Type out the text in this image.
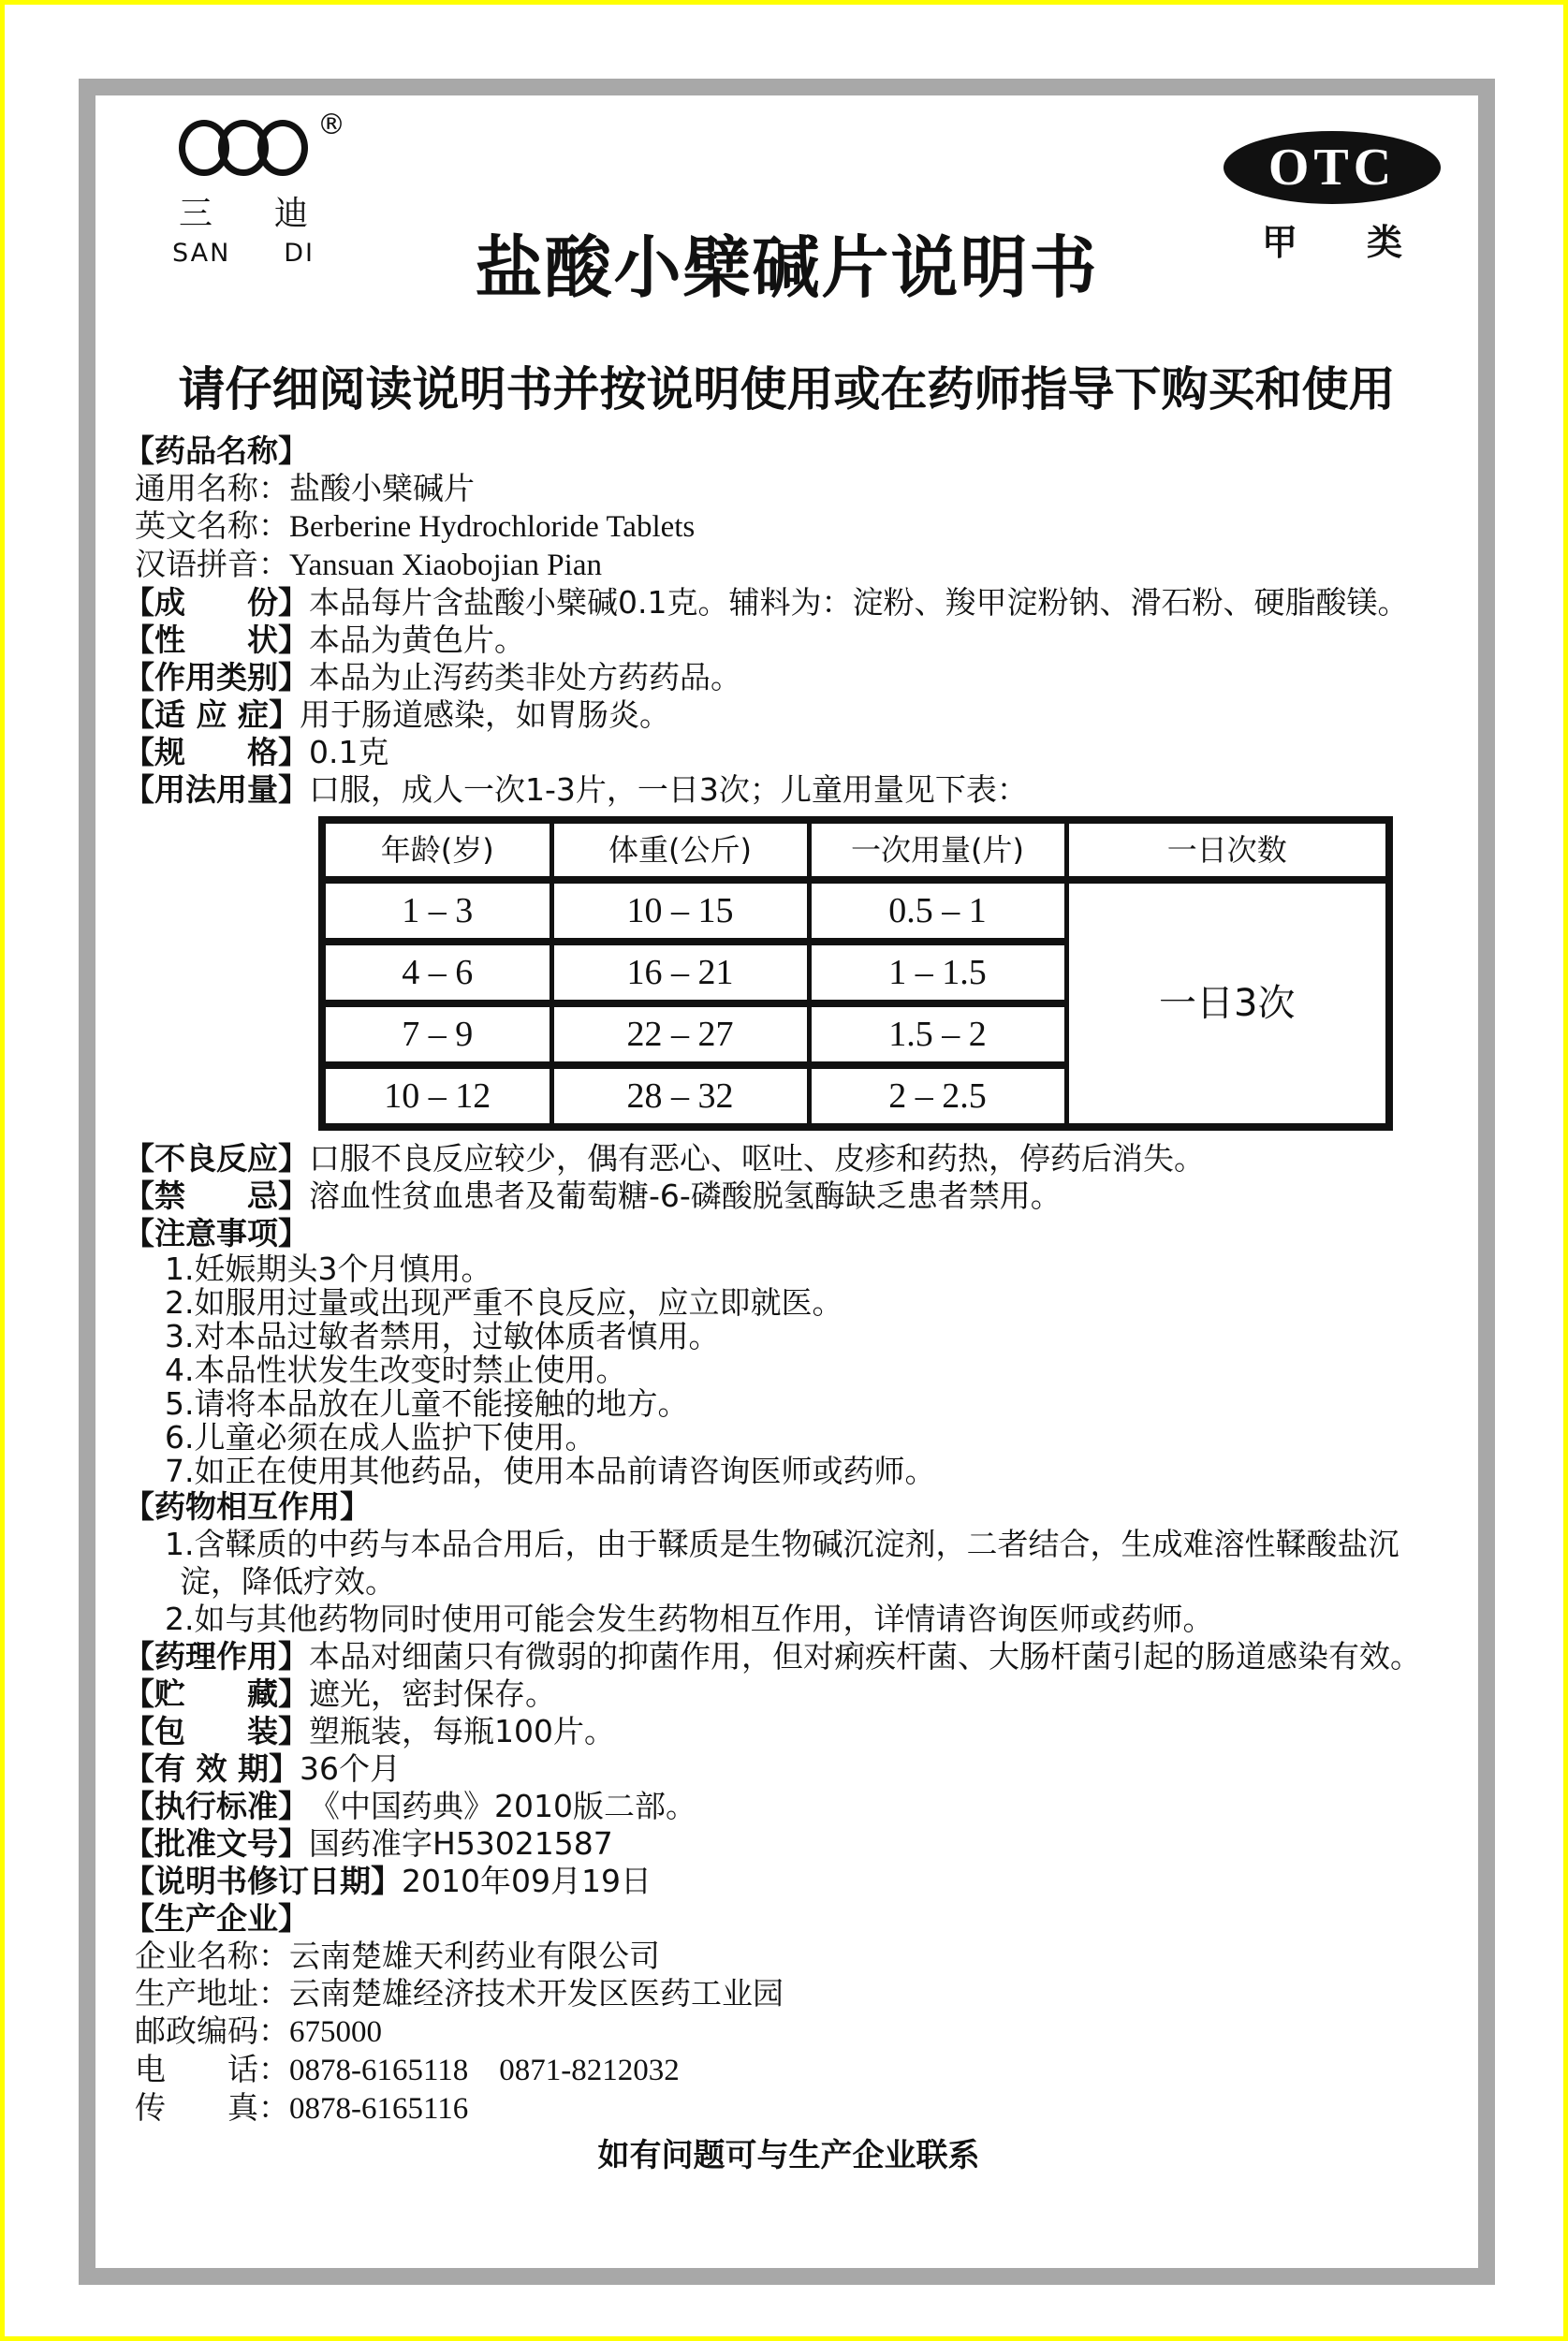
®
三 迪
SAN DI 盐酸小檗碱片说明书
OTC
甲 类
请仔细阅读说明书并按说明使用或在药师指导下购买和使用
【药品名称】
通用名称：盐酸小檗碱片
英文名称：Berberine Hydrochloride Tablets
汉语拼音：Yansuan Xiaobojian Pian
【成　　份】 本品每片含盐酸小檗碱0.1克。辅料为：淀粉、羧甲淀粉钠、滑石粉、硬脂酸镁。
【性　　状】 本品为黄色片。
【作用类别】 本品为止泻药类非处方药药品。
【适 应 症】 用于肠道感染，如胃肠炎。
【规　　格】 0.1克
【用法用量】 口服，成人一次1-3片，一日3次；儿童用量见下表：
年龄(岁)	体重(公斤)	一次用量(片)	一日次数
1 – 3	10 – 15	0.5 – 1	一日3次
4 – 6	16 – 21	1 – 1.5	
7 – 9	22 – 27	1.5 – 2	
10 – 12	28 – 32	2 – 2.5	
【不良反应】 口服不良反应较少，偶有恶心、呕吐、皮疹和药热，停药后消失。
【禁　　忌】 溶血性贫血患者及葡萄糖-6-磷酸脱氢酶缺乏患者禁用。
【注意事项】
1.妊娠期头3个月慎用。
2.如服用过量或出现严重不良反应，应立即就医。
3.对本品过敏者禁用，过敏体质者慎用。
4.本品性状发生改变时禁止使用。
5.请将本品放在儿童不能接触的地方。
6.儿童必须在成人监护下使用。
7.如正在使用其他药品，使用本品前请咨询医师或药师。
【药物相互作用】
1.含鞣质的中药与本品合用后，由于鞣质是生物碱沉淀剂，二者结合，生成难溶性鞣酸盐沉淀，降低疗效。
2.如与其他药物同时使用可能会发生药物相互作用，详情请咨询医师或药师。
【药理作用】 本品对细菌只有微弱的抑菌作用，但对痢疾杆菌、大肠杆菌引起的肠道感染有效。
【贮　　藏】 遮光，密封保存。
【包　　装】 塑瓶装，每瓶100片。
【有 效 期】 36个月
【执行标准】 《中国药典》2010版二部。
【批准文号】 国药准字H53021587
【说明书修订日期】 2010年09月19日
【生产企业】
企业名称：云南楚雄天利药业有限公司
生产地址：云南楚雄经济技术开发区医药工业园
邮政编码：675000
电　　话：0878-6165118　0871-8212032
传　　真：0878-6165116
如有问题可与生产企业联系
